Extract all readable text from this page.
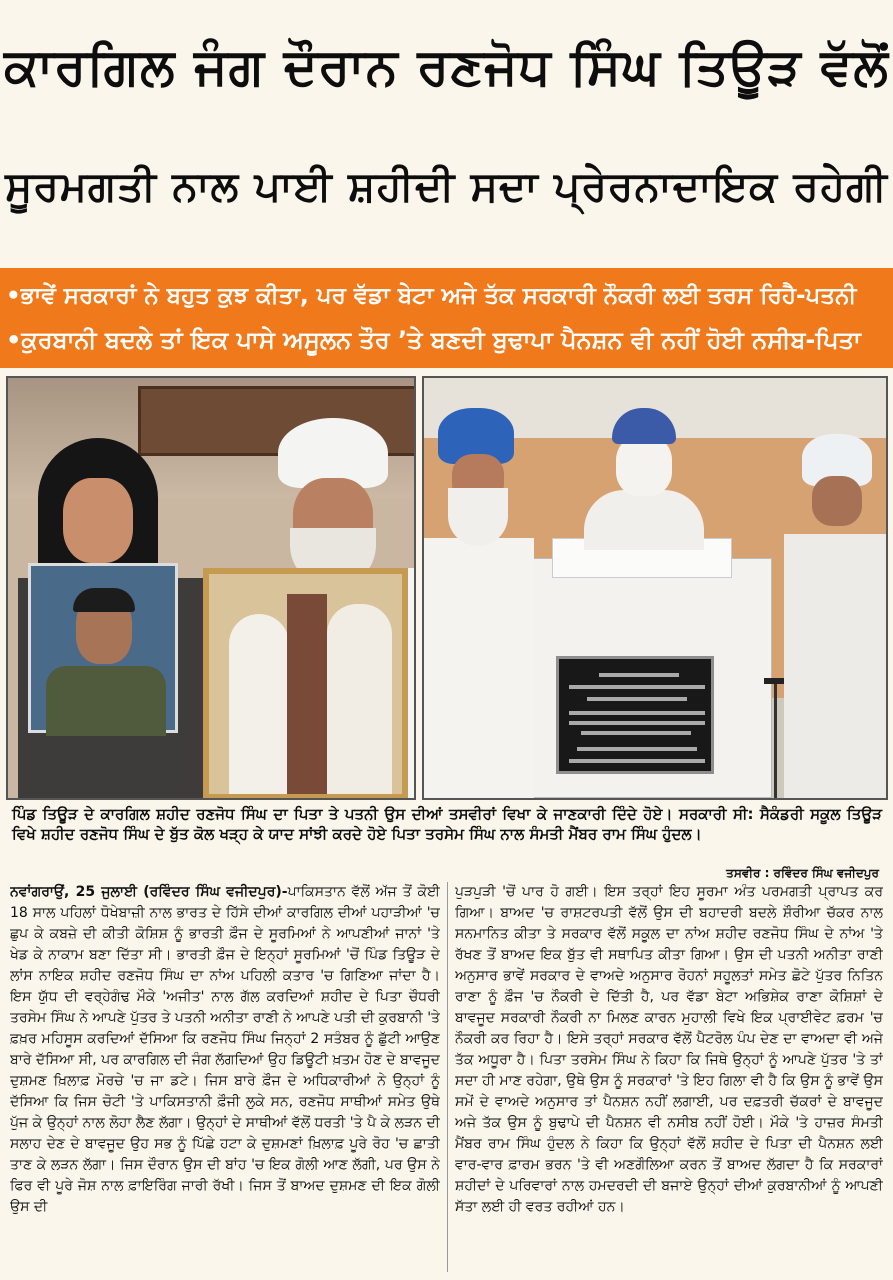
ਕਾਰਗਿਲ ਜੰਗ ਦੌਰਾਨ ਰਣਜੋਧ ਸਿੰਘ ਤਿਊੜ ਵੱਲੋਂ
ਸੂਰਮਗਤੀ ਨਾਲ ਪਾਈ ਸ਼ਹੀਦੀ ਸਦਾ ਪ੍ਰੇਰਨਾਦਾਇਕ ਰਹੇਗੀ
•ਭਾਵੇਂ ਸਰਕਾਰਾਂ ਨੇ ਬਹੁਤ ਕੁਝ ਕੀਤਾ, ਪਰ ਵੱਡਾ ਬੇਟਾ ਅਜੇ ਤੱਕ ਸਰਕਾਰੀ ਨੌਕਰੀ ਲਈ ਤਰਸ ਰਿਹੈ-ਪਤਨੀ
•ਕੁਰਬਾਨੀ ਬਦਲੇ ਤਾਂ ਇਕ ਪਾਸੇ ਅਸੂਲਨ ਤੌਰ ’ਤੇ ਬਣਦੀ ਬੁਢਾਪਾ ਪੈਨਸ਼ਨ ਵੀ ਨਹੀਂ ਹੋਈ ਨਸੀਬ-ਪਿਤਾ
ਪਿੰਡ ਤਿਊੜ ਦੇ ਕਾਰਗਿਲ ਸ਼ਹੀਦ ਰਣਜੋਧ ਸਿੰਘ ਦਾ ਪਿਤਾ ਤੇ ਪਤਨੀ ਉਸ ਦੀਆਂ ਤਸਵੀਰਾਂ ਵਿਖਾ ਕੇ ਜਾਣਕਾਰੀ ਦਿੰਦੇ ਹੋਏ। ਸਰਕਾਰੀ ਸੀ: ਸੈਕੰਡਰੀ ਸਕੂਲ ਤਿਊੜ ਵਿਖੇ ਸ਼ਹੀਦ ਰਣਜੋਧ ਸਿੰਘ ਦੇ ਬੁੱਤ ਕੋਲ ਖੜ੍ਹ ਕੇ ਯਾਦ ਸਾਂਝੀ ਕਰਦੇ ਹੋਏ ਪਿਤਾ ਤਰਸੇਮ ਸਿੰਘ ਨਾਲ ਸੰਮਤੀ ਮੈਂਬਰ ਰਾਮ ਸਿੰਘ ਹੁੰਦਲ।
ਤਸਵੀਰ : ਰਵਿੰਦਰ ਸਿੰਘ ਵਜੀਦਪੁਰ
ਨਵਾਂਗਰਾਉਂ, 25 ਜੁਲਾਈ (ਰਵਿੰਦਰ ਸਿੰਘ ਵਜੀਦਪੁਰ)-ਪਾਕਿਸਤਾਨ ਵੱਲੋਂ ਅੱਜ ਤੋਂ ਕੋਈ 18 ਸਾਲ ਪਹਿਲਾਂ ਧੋਖੇਬਾਜ਼ੀ ਨਾਲ ਭਾਰਤ ਦੇ ਹਿੱਸੇ ਦੀਆਂ ਕਾਰਗਿਲ ਦੀਆਂ ਪਹਾੜੀਆਂ 'ਚ ਛੁਪ ਕੇ ਕਬਜ਼ੇ ਦੀ ਕੀਤੀ ਕੋਸ਼ਿਸ਼ ਨੂੰ ਭਾਰਤੀ ਫ਼ੌਜ ਦੇ ਸੂਰਮਿਆਂ ਨੇ ਆਪਣੀਆਂ ਜਾਨਾਂ 'ਤੇ ਖੇਡ ਕੇ ਨਾਕਾਮ ਬਣਾ ਦਿੱਤਾ ਸੀ। ਭਾਰਤੀ ਫ਼ੌਜ ਦੇ ਇਨ੍ਹਾਂ ਸੂਰਮਿਆਂ 'ਚੋਂ ਪਿੰਡ ਤਿਊੜ ਦੇ ਲਾਂਸ ਨਾਇਕ ਸ਼ਹੀਦ ਰਣਜੋਧ ਸਿੰਘ ਦਾ ਨਾਂਅ ਪਹਿਲੀ ਕਤਾਰ 'ਚ ਗਿਣਿਆ ਜਾਂਦਾ ਹੈ। ਇਸ ਯੁੱਧ ਦੀ ਵਰ੍ਹੇਗੰਢ ਮੌਕੇ 'ਅਜੀਤ' ਨਾਲ ਗੱਲ ਕਰਦਿਆਂ ਸ਼ਹੀਦ ਦੇ ਪਿਤਾ ਚੌਧਰੀ ਤਰਸੇਮ ਸਿੰਘ ਨੇ ਆਪਣੇ ਪੁੱਤਰ ਤੇ ਪਤਨੀ ਅਨੀਤਾ ਰਾਣੀ ਨੇ ਆਪਣੇ ਪਤੀ ਦੀ ਕੁਰਬਾਨੀ 'ਤੇ ਫ਼ਖ਼ਰ ਮਹਿਸੂਸ ਕਰਦਿਆਂ ਦੱਸਿਆ ਕਿ ਰਣਜੋਧ ਸਿੰਘ ਜਿਨ੍ਹਾਂ 2 ਸਤੰਬਰ ਨੂੰ ਛੁੱਟੀ ਆਉਣ ਬਾਰੇ ਦੱਸਿਆ ਸੀ, ਪਰ ਕਾਰਗਿਲ ਦੀ ਜੰਗ ਲੱਗਦਿਆਂ ਉਹ ਡਿਊਟੀ ਖ਼ਤਮ ਹੋਣ ਦੇ ਬਾਵਜੂਦ ਦੁਸ਼ਮਣ ਖ਼ਿਲਾਫ਼ ਮੋਰਚੇ 'ਚ ਜਾ ਡਟੇ। ਜਿਸ ਬਾਰੇ ਫ਼ੌਜ ਦੇ ਅਧਿਕਾਰੀਆਂ ਨੇ ਉਨ੍ਹਾਂ ਨੂੰ ਦੱਸਿਆ ਕਿ ਜਿਸ ਚੋਟੀ 'ਤੇ ਪਾਕਿਸਤਾਨੀ ਫ਼ੌਜੀ ਲੁਕੇ ਸਨ, ਰਣਜੋਧ ਸਾਥੀਆਂ ਸਮੇਤ ਉਥੇ ਪੁੱਜ ਕੇ ਉਨ੍ਹਾਂ ਨਾਲ ਲੋਹਾ ਲੈਣ ਲੱਗਾ। ਉਨ੍ਹਾਂ ਦੇ ਸਾਥੀਆਂ ਵੱਲੋਂ ਧਰਤੀ 'ਤੇ ਪੈ ਕੇ ਲੜਨ ਦੀ ਸਲਾਹ ਦੇਣ ਦੇ ਬਾਵਜੂਦ ਉਹ ਸਭ ਨੂੰ ਪਿੱਛੇ ਹਟਾ ਕੇ ਦੁਸ਼ਮਣਾਂ ਖ਼ਿਲਾਫ਼ ਪੂਰੇ ਰੋਹ 'ਚ ਛਾਤੀ ਤਾਣ ਕੇ ਲੜਨ ਲੱਗਾ। ਜਿਸ ਦੌਰਾਨ ਉਸ ਦੀ ਬਾਂਹ 'ਚ ਇਕ ਗੋਲੀ ਆਣ ਲੱਗੀ, ਪਰ ਉਸ ਨੇ ਫਿਰ ਵੀ ਪੂਰੇ ਜੋਸ਼ ਨਾਲ ਫ਼ਾਇਰਿੰਗ ਜਾਰੀ ਰੱਖੀ। ਜਿਸ ਤੋਂ ਬਾਅਦ ਦੁਸ਼ਮਣ ਦੀ ਇਕ ਗੋਲੀ ਉਸ ਦੀ
ਪੁੜਪੁੜੀ 'ਚੋਂ ਪਾਰ ਹੋ ਗਈ। ਇਸ ਤਰ੍ਹਾਂ ਇਹ ਸੂਰਮਾ ਅੰਤ ਪਰਮਗਤੀ ਪ੍ਰਾਪਤ ਕਰ ਗਿਆ। ਬਾਅਦ 'ਚ ਰਾਸ਼ਟਰਪਤੀ ਵੱਲੋਂ ਉਸ ਦੀ ਬਹਾਦਰੀ ਬਦਲੇ ਸ਼ੌਰੀਆ ਚੱਕਰ ਨਾਲ ਸਨਮਾਨਿਤ ਕੀਤਾ ਤੇ ਸਰਕਾਰ ਵੱਲੋਂ ਸਕੂਲ ਦਾ ਨਾਂਅ ਸ਼ਹੀਦ ਰਣਜੋਧ ਸਿੰਘ ਦੇ ਨਾਂਅ 'ਤੇ ਰੱਖਣ ਤੋਂ ਬਾਅਦ ਇਕ ਬੁੱਤ ਵੀ ਸਥਾਪਿਤ ਕੀਤਾ ਗਿਆ। ਉਸ ਦੀ ਪਤਨੀ ਅਨੀਤਾ ਰਾਣੀ ਅਨੁਸਾਰ ਭਾਵੇਂ ਸਰਕਾਰ ਦੇ ਵਾਅਦੇ ਅਨੁਸਾਰ ਰੋਹਨਾਂ ਸਹੂਲਤਾਂ ਸਮੇਤ ਛੋਟੇ ਪੁੱਤਰ ਨਿਤਿਨ ਰਾਣਾ ਨੂੰ ਫ਼ੌਜ 'ਚ ਨੌਕਰੀ ਦੇ ਦਿੱਤੀ ਹੈ, ਪਰ ਵੱਡਾ ਬੇਟਾ ਅਭਿਸ਼ੇਕ ਰਾਣਾ ਕੋਸ਼ਿਸ਼ਾਂ ਦੇ ਬਾਵਜੂਦ ਸਰਕਾਰੀ ਨੌਕਰੀ ਨਾ ਮਿਲਣ ਕਾਰਨ ਮੁਹਾਲੀ ਵਿਖੇ ਇਕ ਪ੍ਰਾਈਵੇਟ ਫ਼ਰਮ 'ਚ ਨੌਕਰੀ ਕਰ ਰਿਹਾ ਹੈ। ਇਸੇ ਤਰ੍ਹਾਂ ਸਰਕਾਰ ਵੱਲੋਂ ਪੈਟਰੋਲ ਪੰਪ ਦੇਣ ਦਾ ਵਾਅਦਾ ਵੀ ਅਜੇ ਤੱਕ ਅਧੂਰਾ ਹੈ। ਪਿਤਾ ਤਰਸੇਮ ਸਿੰਘ ਨੇ ਕਿਹਾ ਕਿ ਜਿਥੇ ਉਨ੍ਹਾਂ ਨੂੰ ਆਪਣੇ ਪੁੱਤਰ 'ਤੇ ਤਾਂ ਸਦਾ ਹੀ ਮਾਣ ਰਹੇਗਾ, ਉਥੇ ਉਸ ਨੂੰ ਸਰਕਾਰਾਂ 'ਤੇ ਇਹ ਗਿਲਾ ਵੀ ਹੈ ਕਿ ਉਸ ਨੂੰ ਭਾਵੇਂ ਉਸ ਸਮੇਂ ਦੇ ਵਾਅਦੇ ਅਨੁਸਾਰ ਤਾਂ ਪੈਨਸ਼ਨ ਨਹੀਂ ਲਗਾਈ, ਪਰ ਦਫ਼ਤਰੀ ਚੱਕਰਾਂ ਦੇ ਬਾਵਜੂਦ ਅਜੇ ਤੱਕ ਉਸ ਨੂੰ ਬੁਢਾਪੇ ਦੀ ਪੈਨਸ਼ਨ ਵੀ ਨਸੀਬ ਨਹੀਂ ਹੋਈ। ਮੌਕੇ 'ਤੇ ਹਾਜ਼ਰ ਸੰਮਤੀ ਮੈਂਬਰ ਰਾਮ ਸਿੰਘ ਹੁੰਦਲ ਨੇ ਕਿਹਾ ਕਿ ਉਨ੍ਹਾਂ ਵੱਲੋਂ ਸ਼ਹੀਦ ਦੇ ਪਿਤਾ ਦੀ ਪੈਨਸ਼ਨ ਲਈ ਵਾਰ-ਵਾਰ ਫ਼ਾਰਮ ਭਰਨ 'ਤੇ ਵੀ ਅਣਗੌਲਿਆ ਕਰਨ ਤੋਂ ਬਾਅਦ ਲੱਗਦਾ ਹੈ ਕਿ ਸਰਕਾਰਾਂ ਸ਼ਹੀਦਾਂ ਦੇ ਪਰਿਵਾਰਾਂ ਨਾਲ ਹਮਦਰਦੀ ਦੀ ਬਜਾਏ ਉਨ੍ਹਾਂ ਦੀਆਂ ਕੁਰਬਾਨੀਆਂ ਨੂੰ ਆਪਣੀ ਸੱਤਾ ਲਈ ਹੀ ਵਰਤ ਰਹੀਆਂ ਹਨ।
